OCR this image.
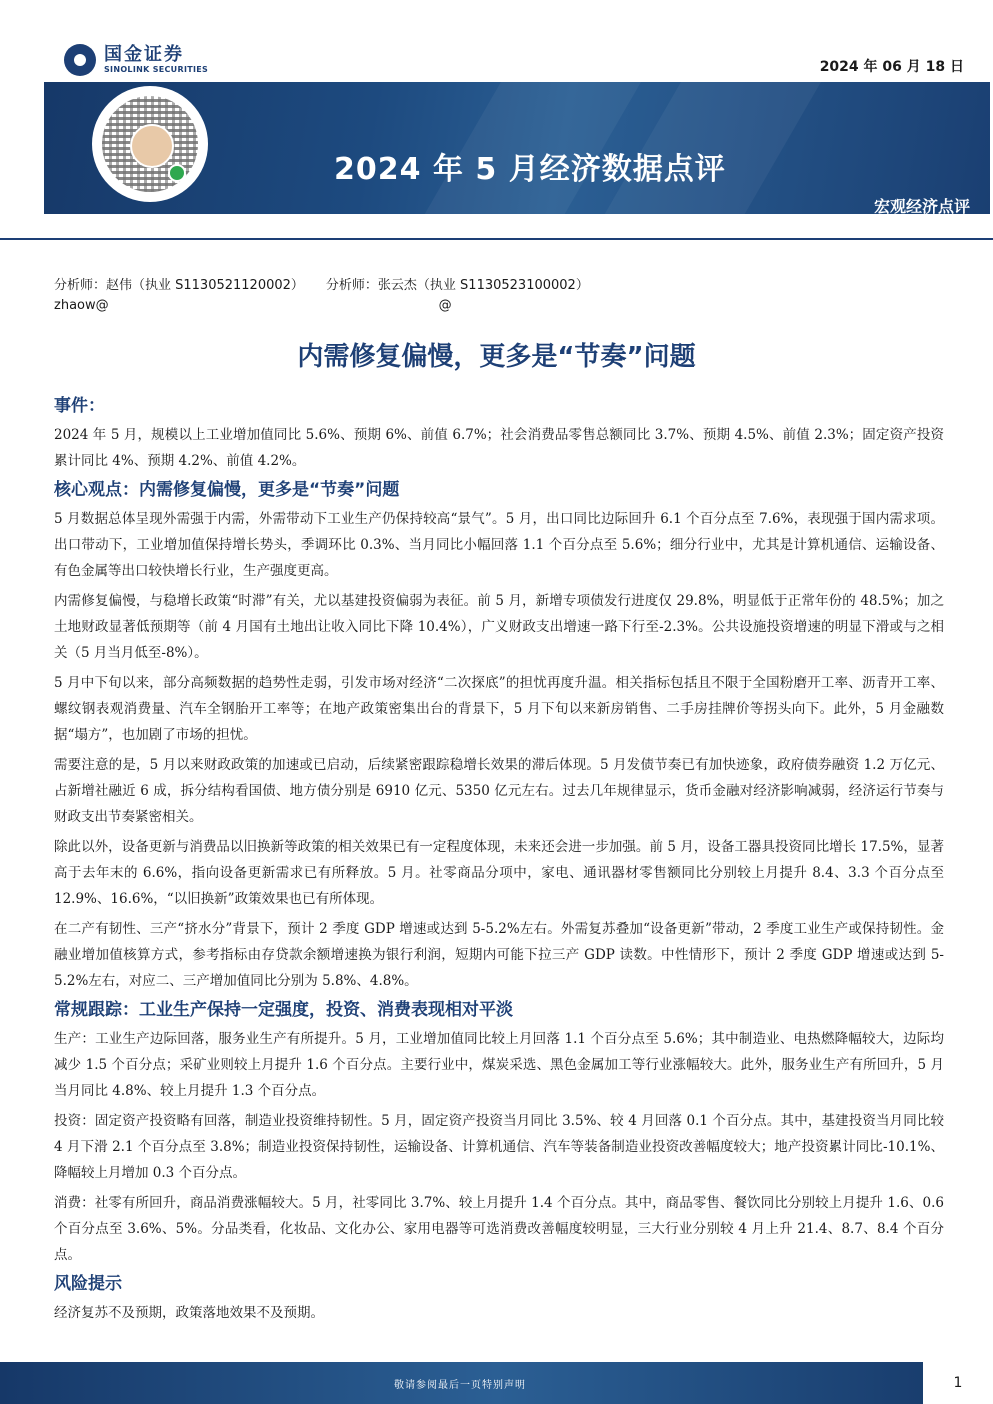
国金证券
SINOLINK SECURITIES	2024 年 06 月 18 日
2024 年 5 月经济数据点评
宏观经济点评
证券研究报告
分析师：赵伟（执业 S1130521120002） 分析师：张云杰（执业 S1130523100002）
zhaow@	@
内需修复偏慢，更多是“节奏”问题
事件：

2024 年 5 月，规模以上工业增加值同比 5.6%、预期 6%、前值 6.7%；社会消费品零售总额同比 3.7%、预期 4.5%、前值 2.3%；固定资产投资累计同比 4%、预期 4.2%、前值 4.2%。

核心观点：内需修复偏慢，更多是“节奏”问题

5 月数据总体呈现外需强于内需，外需带动下工业生产仍保持较高“景气”。5 月，出口同比边际回升 6.1 个百分点至 7.6%，表现强于国内需求项。出口带动下，工业增加值保持增长势头，季调环比 0.3%、当月同比小幅回落 1.1 个百分点至 5.6%；细分行业中，尤其是计算机通信、运输设备、有色金属等出口较快增长行业，生产强度更高。

内需修复偏慢，与稳增长政策“时滞”有关，尤以基建投资偏弱为表征。前 5 月，新增专项债发行进度仅 29.8%，明显低于正常年份的 48.5%；加之土地财政显著低预期等（前 4 月国有土地出让收入同比下降 10.4%），广义财政支出增速一路下行至-2.3%。公共设施投资增速的明显下滑或与之相关（5 月当月低至-8%）。

5 月中下旬以来，部分高频数据的趋势性走弱，引发市场对经济“二次探底”的担忧再度升温。相关指标包括且不限于全国粉磨开工率、沥青开工率、螺纹钢表观消费量、汽车全钢胎开工率等；在地产政策密集出台的背景下，5 月下旬以来新房销售、二手房挂牌价等拐头向下。此外，5 月金融数据“塌方”，也加剧了市场的担忧。

需要注意的是，5 月以来财政政策的加速或已启动，后续紧密跟踪稳增长效果的滞后体现。5 月发债节奏已有加快迹象，政府债券融资 1.2 万亿元、占新增社融近 6 成，拆分结构看国债、地方债分别是 6910 亿元、5350 亿元左右。过去几年规律显示，货币金融对经济影响减弱，经济运行节奏与财政支出节奏紧密相关。

除此以外，设备更新与消费品以旧换新等政策的相关效果已有一定程度体现，未来还会进一步加强。前 5 月，设备工器具投资同比增长 17.5%，显著高于去年末的 6.6%，指向设备更新需求已有所释放。5 月。社零商品分项中，家电、通讯器材零售额同比分别较上月提升 8.4、3.3 个百分点至 12.9%、16.6%，“以旧换新”政策效果也已有所体现。

在二产有韧性、三产“挤水分”背景下，预计 2 季度 GDP 增速或达到 5-5.2%左右。外需复苏叠加“设备更新”带动，2 季度工业生产或保持韧性。金融业增加值核算方式，参考指标由存贷款余额增速换为银行利润，短期内可能下拉三产 GDP 读数。中性情形下，预计 2 季度 GDP 增速或达到 5-5.2%左右，对应二、三产增加值同比分别为 5.8%、4.8%。

常规跟踪：工业生产保持一定强度，投资、消费表现相对平淡

生产：工业生产边际回落，服务业生产有所提升。5 月，工业增加值同比较上月回落 1.1 个百分点至 5.6%；其中制造业、电热燃降幅较大，边际均减少 1.5 个百分点；采矿业则较上月提升 1.6 个百分点。主要行业中，煤炭采选、黑色金属加工等行业涨幅较大。此外，服务业生产有所回升，5 月当月同比 4.8%、较上月提升 1.3 个百分点。

投资：固定资产投资略有回落，制造业投资维持韧性。5 月，固定资产投资当月同比 3.5%、较 4 月回落 0.1 个百分点。其中，基建投资当月同比较 4 月下滑 2.1 个百分点至 3.8%；制造业投资保持韧性，运输设备、计算机通信、汽车等装备制造业投资改善幅度较大；地产投资累计同比-10.1%、降幅较上月增加 0.3 个百分点。

消费：社零有所回升，商品消费涨幅较大。5 月，社零同比 3.7%、较上月提升 1.4 个百分点。其中，商品零售、餐饮同比分别较上月提升 1.6、0.6 个百分点至 3.6%、5%。分品类看，化妆品、文化办公、家用电器等可选消费改善幅度较明显，三大行业分别较 4 月上升 21.4、8.7、8.4 个百分点。

风险提示

经济复苏不及预期，政策落地效果不及预期。

敬请参阅最后一页特别声明	1
